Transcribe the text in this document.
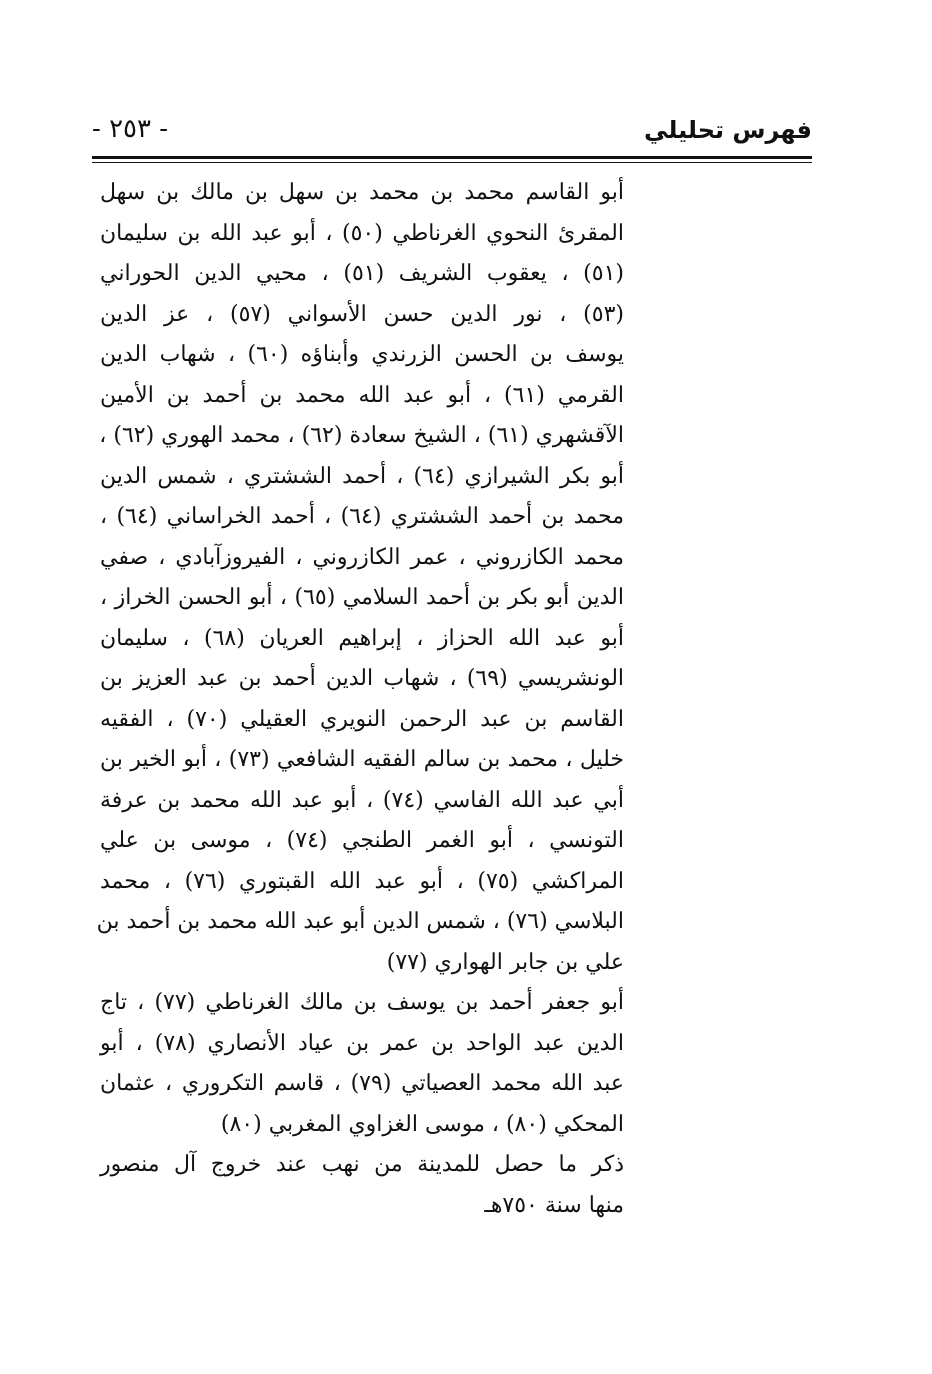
فهرس تحليلي
- ٢٥٣ -
أبو القاسم محمد بن محمد بن سهل بن مالك بن سهل
المقرئ النحوي الغرناطي (٥٠) ، أبو عبد الله بن سليمان
(٥١) ، يعقوب الشريف (٥١) ، محيي الدين الحوراني
(٥٣) ، نور الدين حسن الأسواني (٥٧) ، عز الدين
يوسف بن الحسن الزرندي وأبناؤه (٦٠) ، شهاب الدين
القرمي (٦١) ، أبو عبد الله محمد بن أحمد بن الأمين
الآقشهري (٦١) ، الشيخ سعادة (٦٢) ، محمد الهوري (٦٢) ،
أبو بكر الشيرازي (٦٤) ، أحمد الششتري ، شمس الدين
محمد بن أحمد الششتري (٦٤) ، أحمد الخراساني (٦٤) ،
محمد الكازروني ، عمر الكازروني ، الفيروزآبادي ، صفي
الدين أبو بكر بن أحمد السلامي (٦٥) ، أبو الحسن الخراز ،
أبو عبد الله الحزاز ، إبراهيم العريان (٦٨) ، سليمان
الونشريسي (٦٩) ، شهاب الدين أحمد بن عبد العزيز بن
القاسم بن عبد الرحمن النويري العقيلي (٧٠) ، الفقيه
خليل ، محمد بن سالم الفقيه الشافعي (٧٣) ، أبو الخير بن
أبي عبد الله الفاسي (٧٤) ، أبو عبد الله محمد بن عرفة
التونسي ، أبو الغمر الطنجي (٧٤) ، موسى بن علي
المراكشي (٧٥) ، أبو عبد الله القبتوري (٧٦) ، محمد
البلاسي (٧٦) ، شمس الدين أبو عبد الله محمد بن أحمد بن
علي بن جابر الهواري (٧٧)
أبو جعفر أحمد بن يوسف بن مالك الغرناطي (٧٧) ، تاج
الدين عبد الواحد بن عمر بن عياد الأنصاري (٧٨) ، أبو
عبد الله محمد العصياتي (٧٩) ، قاسم التكروري ، عثمان
المحكي (٨٠) ، موسى الغزاوي المغربي (٨٠)
ذكر ما حصل للمدينة من نهب عند خروج آل منصور
منها سنة ٧٥٠هـ
